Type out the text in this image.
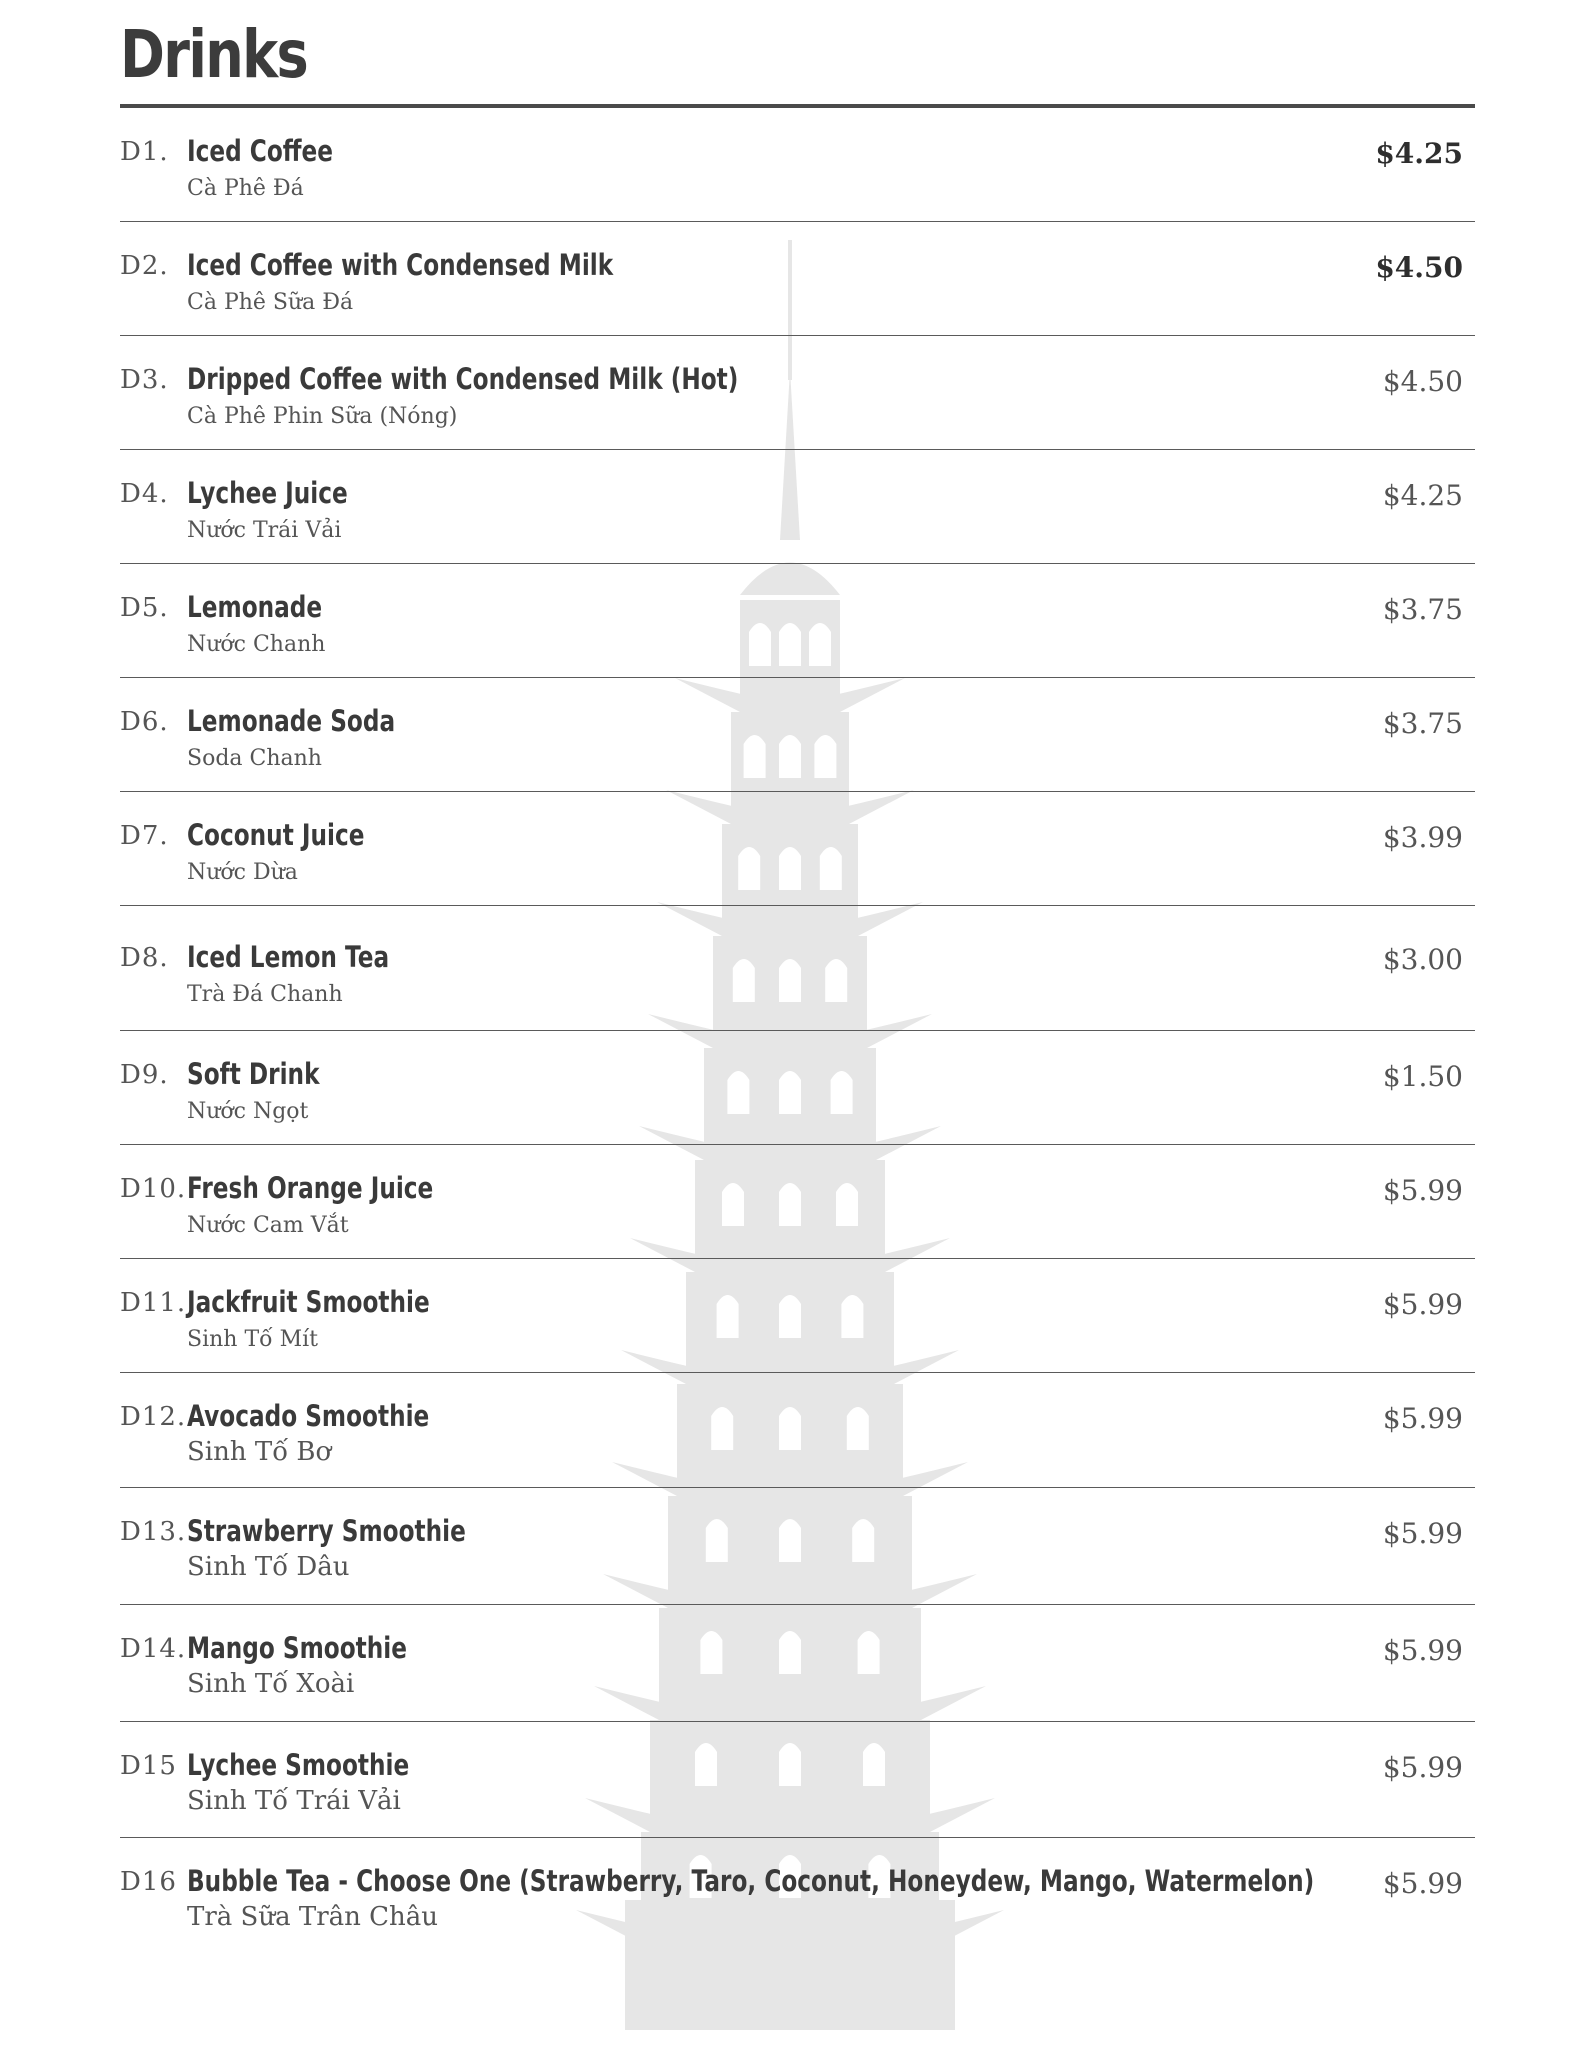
Drinks
D1. Iced Coffee
Cà Phê Đá
$4.25
D2. Iced Coffee with Condensed Milk
Cà Phê Sữa Đá
$4.50
D3. Dripped Coffee with Condensed Milk (Hot)
Cà Phê Phin Sữa (Nóng)
$4.50
D4. Lychee Juice
Nước Trái Vải
$4.25
D5. Lemonade
Nước Chanh
$3.75
D6. Lemonade Soda
Soda Chanh
$3.75
D7. Coconut Juice
Nước Dừa
$3.99
D8. Iced Lemon Tea
Trà Đá Chanh
$3.00
D9. Soft Drink
Nước Ngọt
$1.50
D10. Fresh Orange Juice
Nước Cam Vắt
$5.99
D11. Jackfruit Smoothie
Sinh Tố Mít
$5.99
D12. Avocado Smoothie
Sinh Tố Bơ
$5.99
D13. Strawberry Smoothie
Sinh Tố Dâu
$5.99
D14. Mango Smoothie
Sinh Tố Xoài
$5.99
D15 Lychee Smoothie
Sinh Tố Trái Vải
$5.99
D16 Bubble Tea - Choose One (Strawberry, Taro, Coconut, Honeydew, Mango, Watermelon)
Trà Sữa Trân Châu
$5.99
